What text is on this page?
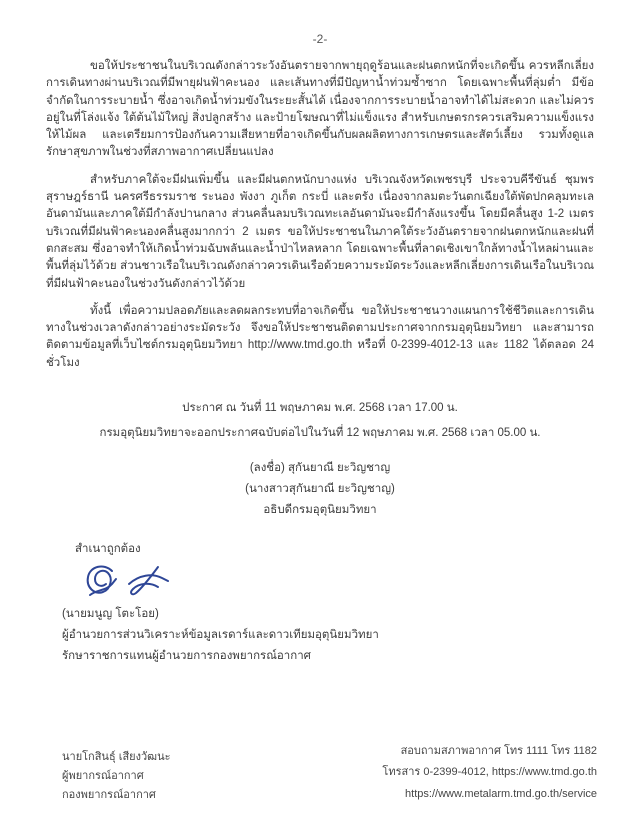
-2-

ขอให้ประชาชนในบริเวณดังกล่าวระวังอันตรายจากพายุฤดูร้อนและฝนตกหนักที่จะเกิดขึ้น ควรหลีกเลี่ยงการเดินทางผ่านบริเวณที่มีพายุฝนฟ้าคะนอง และเส้นทางที่มีปัญหาน้ำท่วมซ้ำซาก โดยเฉพาะพื้นที่ลุ่มต่ำ มีข้อจำกัดในการระบายน้ำ ซึ่งอาจเกิดน้ำท่วมขังในระยะสั้นได้ เนื่องจากการระบายน้ำอาจทำได้ไม่สะดวก และไม่ควรอยู่ในที่โล่งแจ้ง ใต้ต้นไม้ใหญ่ สิ่งปลูกสร้าง และป้ายโฆษณาที่ไม่แข็งแรง สำหรับเกษตรกรควรเสริมความแข็งแรงให้ไม้ผล และเตรียมการป้องกันความเสียหายที่อาจเกิดขึ้นกับผลผลิตทางการเกษตรและสัตว์เลี้ยง รวมทั้งดูแลรักษาสุขภาพในช่วงที่สภาพอากาศเปลี่ยนแปลง

สำหรับภาคใต้จะมีฝนเพิ่มขึ้น และมีฝนตกหนักบางแห่ง บริเวณจังหวัดเพชรบุรี ประจวบคีรีขันธ์ ชุมพร สุราษฎร์ธานี นครศรีธรรมราช ระนอง พังงา ภูเก็ต กระบี่ และตรัง เนื่องจากลมตะวันตกเฉียงใต้พัดปกคลุมทะเลอันดามันและภาคใต้มีกำลังปานกลาง ส่วนคลื่นลมบริเวณทะเลอันดามันจะมีกำลังแรงขึ้น โดยมีคลื่นสูง 1-2 เมตร บริเวณที่มีฝนฟ้าคะนองคลื่นสูงมากกว่า 2 เมตร ขอให้ประชาชนในภาคใต้ระวังอันตรายจากฝนตกหนักและฝนที่ตกสะสม ซึ่งอาจทำให้เกิดน้ำท่วมฉับพลันและน้ำป่าไหลหลาก โดยเฉพาะพื้นที่ลาดเชิงเขาใกล้ทางน้ำไหลผ่านและพื้นที่ลุ่มไว้ด้วย ส่วนชาวเรือในบริเวณดังกล่าวควรเดินเรือด้วยความระมัดระวังและหลีกเลี่ยงการเดินเรือในบริเวณที่มีฝนฟ้าคะนองในช่วงวันดังกล่าวไว้ด้วย

ทั้งนี้ เพื่อความปลอดภัยและลดผลกระทบที่อาจเกิดขึ้น ขอให้ประชาชนวางแผนการใช้ชีวิตและการเดินทางในช่วงเวลาดังกล่าวอย่างระมัดระวัง จึงขอให้ประชาชนติดตามประกาศจากกรมอุตุนิยมวิทยา และสามารถติดตามข้อมูลที่เว็บไซต์กรมอุตุนิยมวิทยา http://www.tmd.go.th หรือที่ 0-2399-4012-13 และ 1182 ได้ตลอด 24 ชั่วโมง

ประกาศ ณ วันที่ 11 พฤษภาคม พ.ศ. 2568 เวลา 17.00 น.
กรมอุตุนิยมวิทยาจะออกประกาศฉบับต่อไปในวันที่ 12 พฤษภาคม พ.ศ. 2568 เวลา 05.00 น.
(ลงชื่อ) สุกันยาณี ยะวิญชาญ
(นางสาวสุกันยาณี ยะวิญชาญ)
อธิบดีกรมอุตุนิยมวิทยา
สำเนาถูกต้อง
(นายมนูญ โตะโอย)
ผู้อำนวยการส่วนวิเคราะห์ข้อมูลเรดาร์และดาวเทียมอุตุนิยมวิทยา
รักษาราชการแทนผู้อำนวยการกองพยากรณ์อากาศ
นายโกสินธุ์ เสียงวัฒนะ
ผู้พยากรณ์อากาศ
กองพยากรณ์อากาศ
สอบถามสภาพอากาศ โทร 1111 โทร 1182
โทรสาร 0-2399-4012, https://www.tmd.go.th
https://www.metalarm.tmd.go.th/service
